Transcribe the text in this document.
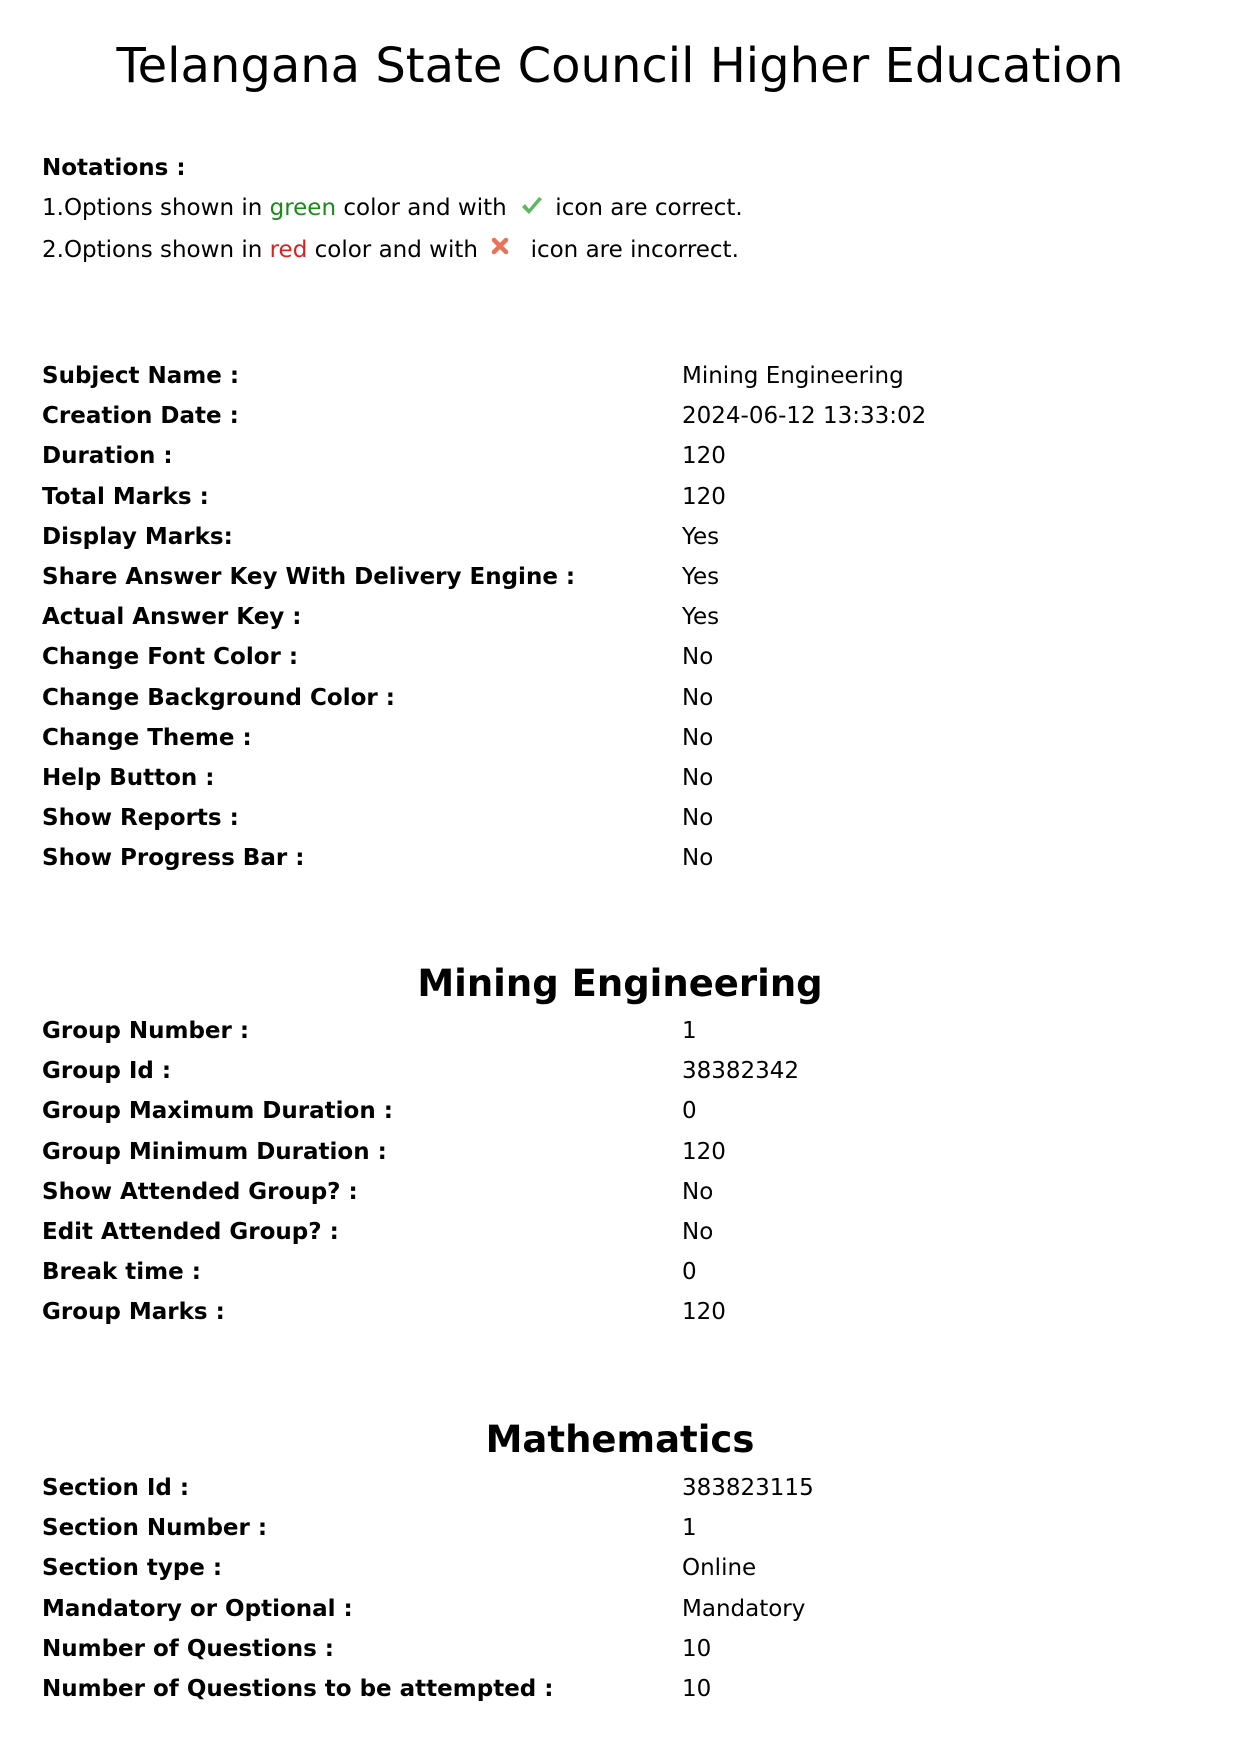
Telangana State Council Higher Education
Notations :
1.Options shown in green color and with  icon are correct.
2.Options shown in red color and with  icon are incorrect.
Subject Name :	Mining Engineering
Creation Date :	2024-06-12 13:33:02
Duration :	120
Total Marks :	120
Display Marks:	Yes
Share Answer Key With Delivery Engine :	Yes
Actual Answer Key :	Yes
Change Font Color :	No
Change Background Color :	No
Change Theme :	No
Help Button :	No
Show Reports :	No
Show Progress Bar :	No
Mining Engineering
Group Number :	1
Group Id :	38382342
Group Maximum Duration :	0
Group Minimum Duration :	120
Show Attended Group? :	No
Edit Attended Group? :	No
Break time :	0
Group Marks :	120
Mathematics
Section Id :	383823115
Section Number :	1
Section type :	Online
Mandatory or Optional :	Mandatory
Number of Questions :	10
Number of Questions to be attempted :	10
